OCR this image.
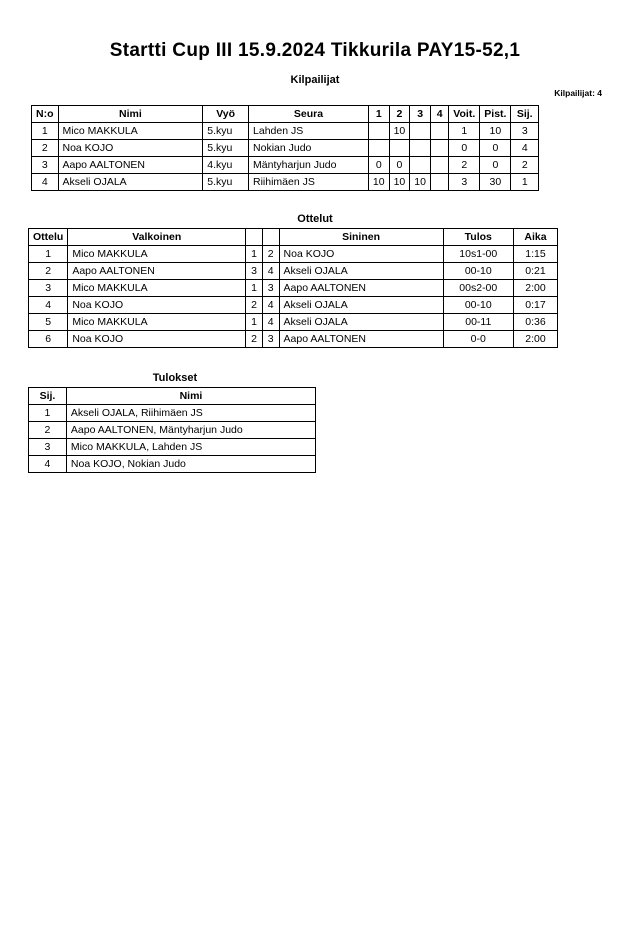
Startti Cup III 15.9.2024 Tikkurila PAY15-52,1
Kilpailijat
Kilpailijat: 4
N:o	Nimi	Vyö	Seura	1	2	3	4	Voit.	Pist.	Sij.
1	Mico MAKKULA	5.kyu	Lahden JS		10			1	10	3
2	Noa KOJO	5.kyu	Nokian Judo					0	0	4
3	Aapo AALTONEN	4.kyu	Mäntyharjun Judo	0	0			2	0	2
4	Akseli OJALA	5.kyu	Riihimäen JS	10	10	10		3	30	1
Ottelut
Ottelu	Valkoinen			Sininen	Tulos	Aika
1	Mico MAKKULA	1	2	Noa KOJO	10s1-00	1:15
2	Aapo AALTONEN	3	4	Akseli OJALA	00-10	0:21
3	Mico MAKKULA	1	3	Aapo AALTONEN	00s2-00	2:00
4	Noa KOJO	2	4	Akseli OJALA	00-10	0:17
5	Mico MAKKULA	1	4	Akseli OJALA	00-11	0:36
6	Noa KOJO	2	3	Aapo AALTONEN	0-0	2:00
Tulokset
Sij.	Nimi
1	Akseli OJALA, Riihimäen JS
2	Aapo AALTONEN, Mäntyharjun Judo
3	Mico MAKKULA, Lahden JS
4	Noa KOJO, Nokian Judo
